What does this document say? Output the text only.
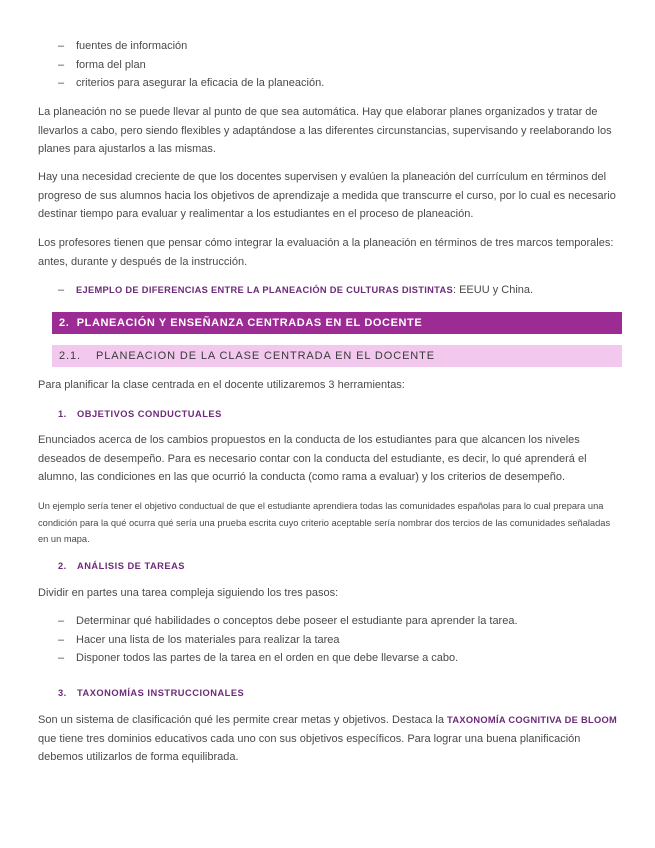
– fuentes de información
– forma del plan
– criterios para asegurar la eficacia de la planeación.

La planeación no se puede llevar al punto de que sea automática. Hay que elaborar planes organizados y tratar de llevarlos a cabo, pero siendo flexibles y adaptándose a las diferentes circunstancias, supervisando y reelaborando los planes para ajustarlos a las mismas.

Hay una necesidad creciente de que los docentes supervisen y evalúen la planeación del currículum en términos del progreso de sus alumnos hacia los objetivos de aprendizaje a medida que transcurre el curso, por lo cual es necesario destinar tiempo para evaluar y realimentar a los estudiantes en el proceso de planeación.

Los profesores tienen que pensar cómo integrar la evaluación a la planeación en términos de tres marcos temporales: antes, durante y después de la instrucción.

– EJEMPLO DE DIFERENCIAS ENTRE LA PLANEACIÓN DE CULTURAS DISTINTAS: EEUU y China.
2. PLANEACIÓN Y ENSEÑANZA CENTRADAS EN EL DOCENTE
2.1. PLANEACION DE LA CLASE CENTRADA EN EL DOCENTE

Para planificar la clase centrada en el docente utilizaremos 3 herramientas:

1. OBJETIVOS CONDUCTUALES

Enunciados acerca de los cambios propuestos en la conducta de los estudiantes para que alcancen los niveles deseados de desempeño. Para es necesario contar con la conducta del estudiante, es decir, lo qué aprenderá el alumno, las condiciones en las que ocurrió la conducta (como rama a evaluar) y los criterios de desempeño.

Un ejemplo sería tener el objetivo conductual de que el estudiante aprendiera todas las comunidades españolas para lo cual prepara una condición para la qué ocurra qué sería una prueba escrita cuyo criterio aceptable sería nombrar dos tercios de las comunidades señaladas en un mapa.

2. ANÁLISIS DE TAREAS

Dividir en partes una tarea compleja siguiendo los tres pasos:

– Determinar qué habilidades o conceptos debe poseer el estudiante para aprender la tarea.
– Hacer una lista de los materiales para realizar la tarea
– Disponer todos las partes de la tarea en el orden en que debe llevarse a cabo.
3. TAXONOMÍAS INSTRUCCIONALES

Son un sistema de clasificación qué les permite crear metas y objetivos. Destaca la TAXONOMÍA COGNITIVA DE BLOOM que tiene tres dominios educativos cada uno con sus objetivos específicos. Para lograr una buena planificación debemos utilizarlos de forma equilibrada.
